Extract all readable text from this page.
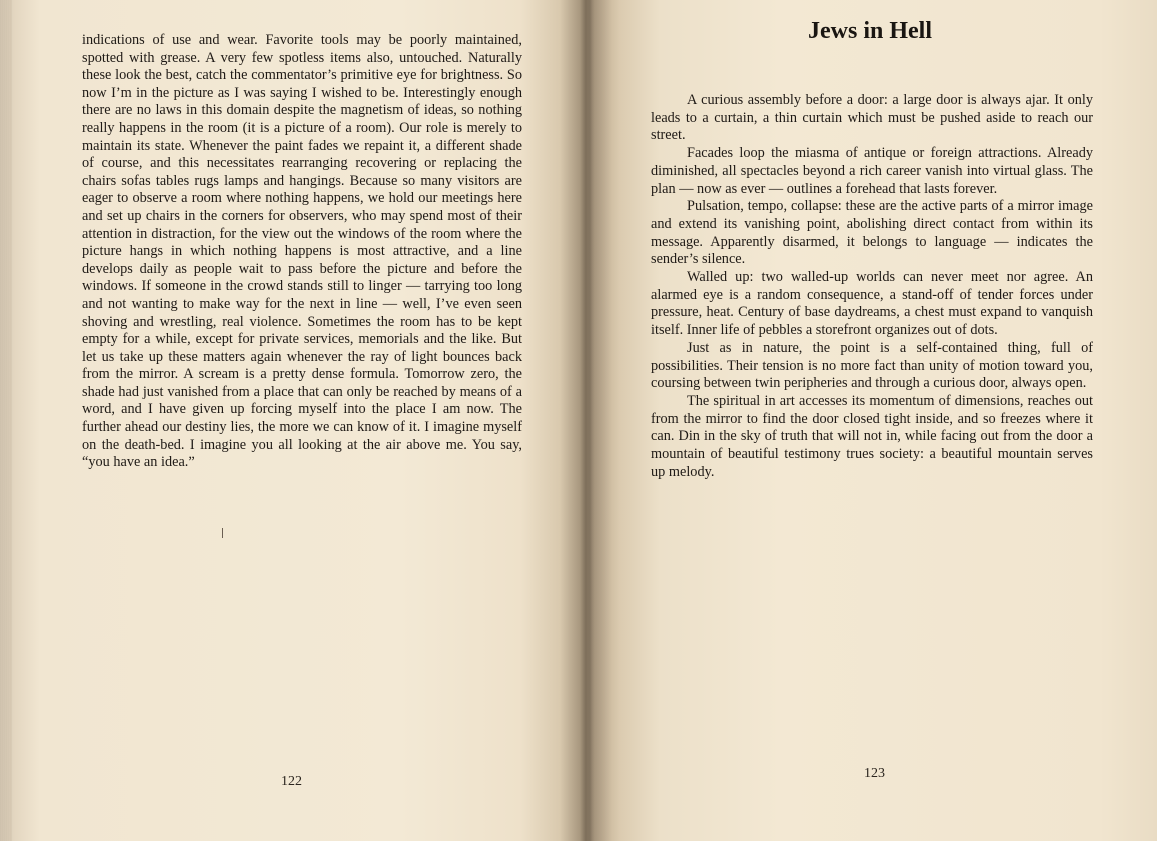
indications of use and wear. Favorite tools may be poorly maintained, spotted with grease. A very few spotless items also, untouched. Naturally these look the best, catch the commentator’s primitive eye for brightness. So now I’m in the picture as I was saying I wished to be. Interestingly enough there are no laws in this domain despite the magnetism of ideas, so nothing really happens in the room (it is a picture of a room). Our role is merely to maintain its state. Whenever the paint fades we repaint it, a different shade of course, and this necessitates rearranging recovering or replacing the chairs sofas tables rugs lamps and hangings. Because so many visitors are eager to observe a room where nothing happens, we hold our meetings here and set up chairs in the corners for observers, who may spend most of their attention in distraction, for the view out the windows of the room where the picture hangs in which nothing happens is most attractive, and a line develops daily as people wait to pass before the picture and before the windows. If someone in the crowd stands still to linger — tarrying too long and not wanting to make way for the next in line — well, I’ve even seen shoving and wrestling, real violence. Sometimes the room has to be kept empty for a while, except for private services, memorials and the like. But let us take up these matters again whenever the ray of light bounces back from the mirror. A scream is a pretty dense formula. Tomorrow zero, the shade had just vanished from a place that can only be reached by means of a word, and I have given up forcing myself into the place I am now. The further ahead our destiny lies, the more we can know of it. I imagine myself on the death-bed. I imagine you all looking at the air above me. You say, “you have an idea.”

122
Jews in Hell

A curious assembly before a door: a large door is always ajar. It only leads to a curtain, a thin curtain which must be pushed aside to reach our street.

Facades loop the miasma of antique or foreign attractions. Already diminished, all spectacles beyond a rich career vanish into virtual glass. The plan — now as ever — outlines a forehead that lasts forever.

Pulsation, tempo, collapse: these are the active parts of a mirror image and extend its vanishing point, abolishing direct contact from within its message. Apparently disarmed, it belongs to language — indicates the sender’s silence.

Walled up: two walled-up worlds can never meet nor agree. An alarmed eye is a random consequence, a stand-off of tender forces under pressure, heat. Century of base daydreams, a chest must expand to vanquish itself. Inner life of pebbles a storefront organizes out of dots.

Just as in nature, the point is a self-contained thing, full of possibilities. Their tension is no more fact than unity of motion toward you, coursing between twin peripheries and through a curious door, always open.

The spiritual in art accesses its momentum of dimensions, reaches out from the mirror to find the door closed tight inside, and so freezes where it can. Din in the sky of truth that will not in, while facing out from the door a mountain of beautiful testimony trues society: a beautiful mountain serves up melody.

123
